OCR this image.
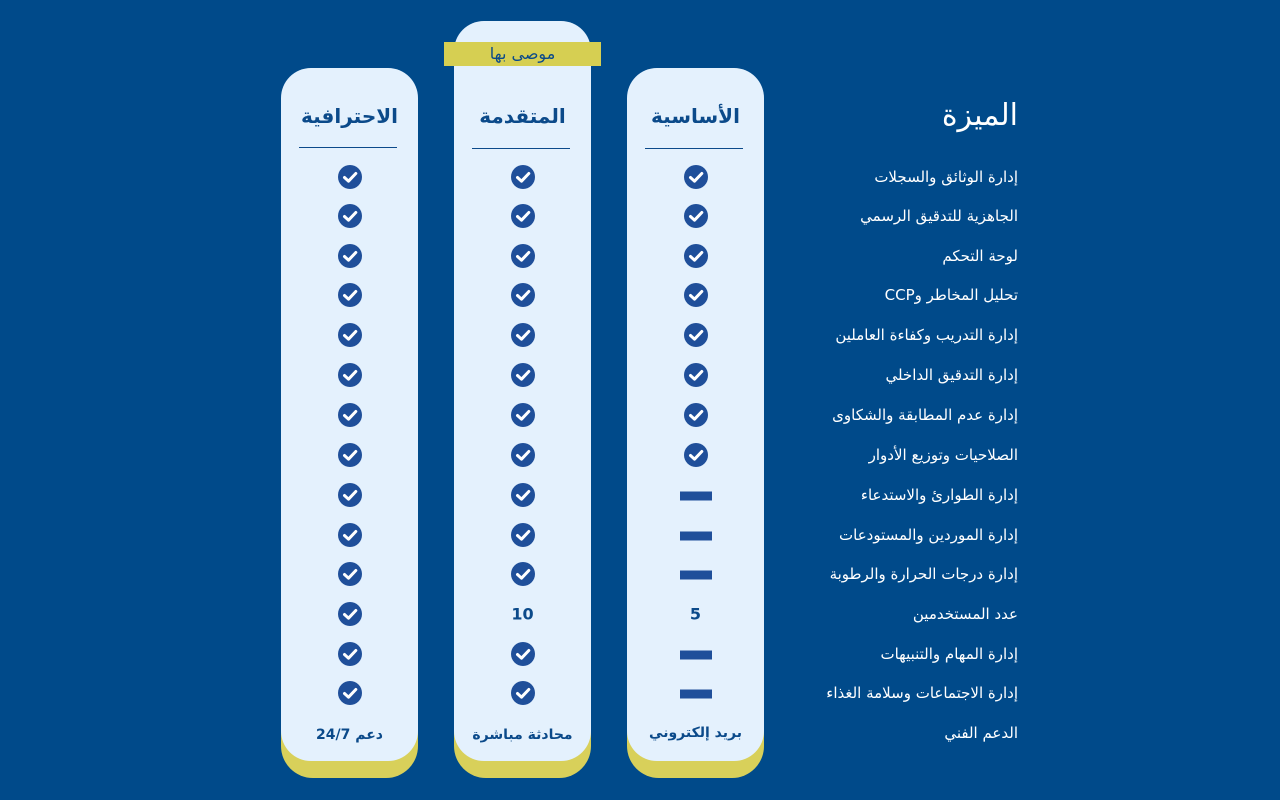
الميزة
إدارة الوثائق والسجلات
الجاهزية للتدقيق الرسمي
لوحة التحكم
تحليل المخاطر وCCP
إدارة التدريب وكفاءة العاملين
إدارة التدقيق الداخلي
إدارة عدم المطابقة والشكاوى
الصلاحيات وتوزيع الأدوار
إدارة الطوارئ والاستدعاء
إدارة الموردين والمستودعات
إدارة درجات الحرارة والرطوبة
عدد المستخدمين
إدارة المهام والتنبيهات
إدارة الاجتماعات وسلامة الغذاء
الدعم الفني
الأساسية
5
بريد إلكتروني
المتقدمة
10
محادثة مباشرة
موصى بها
الاحترافية
دعم 24/7
